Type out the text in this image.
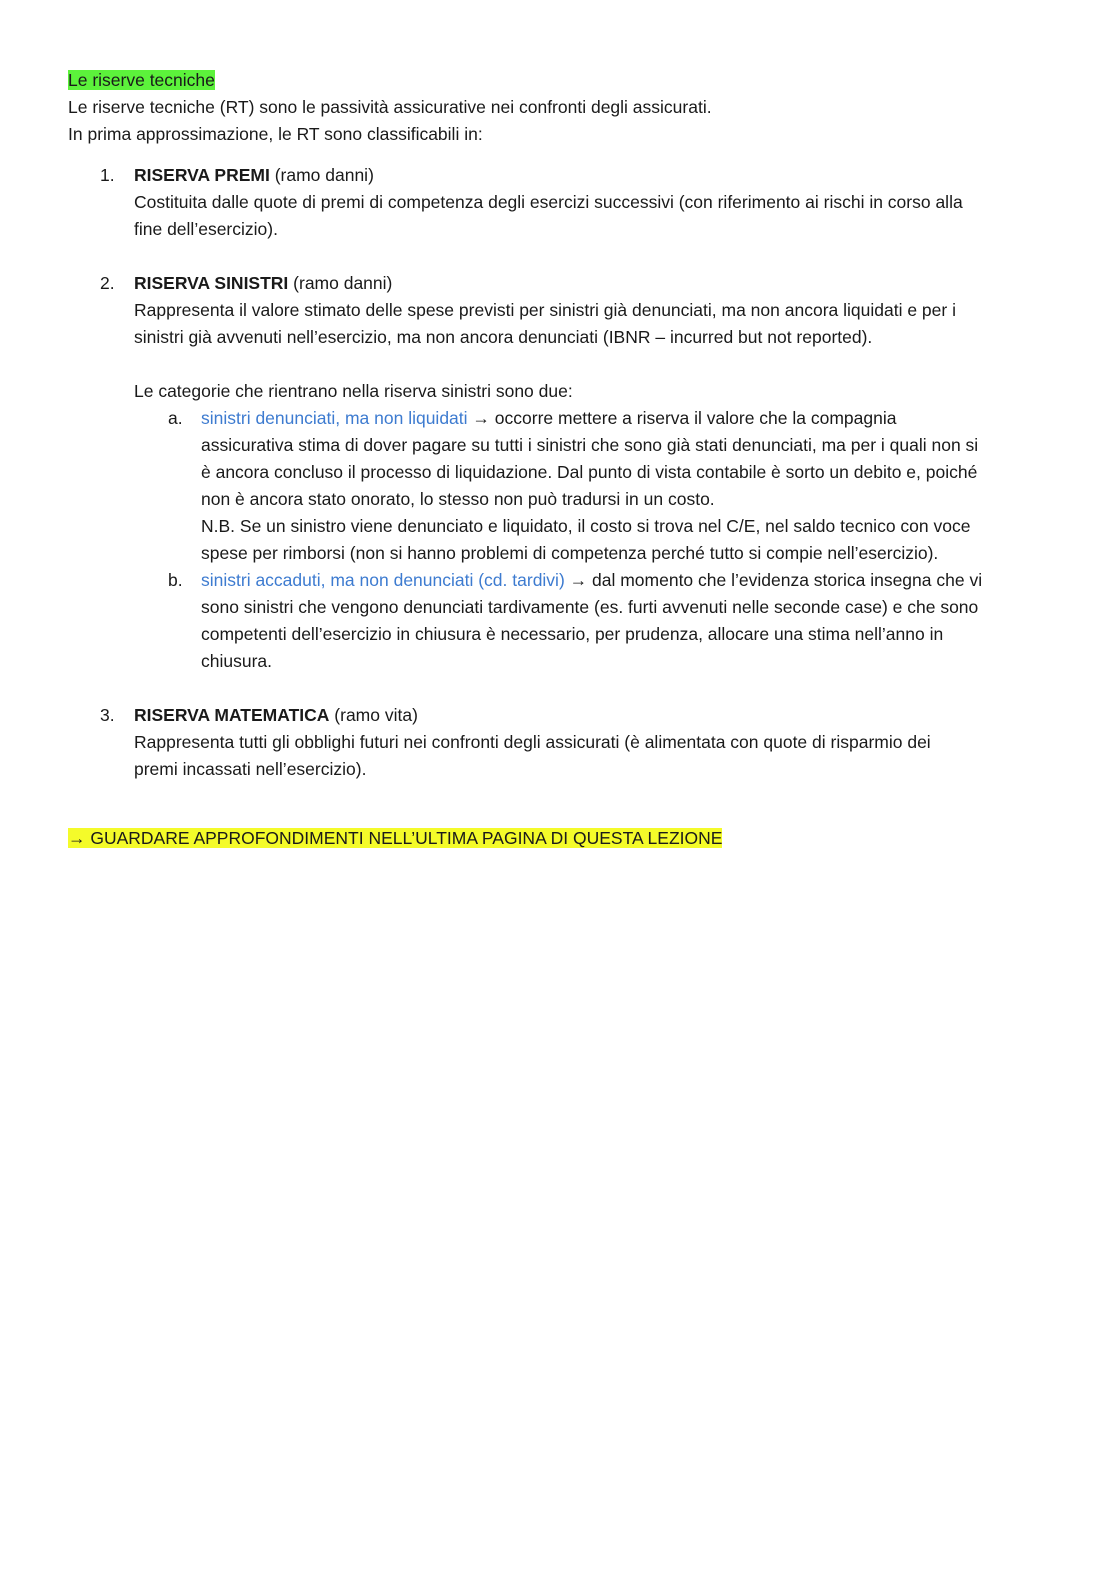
Le riserve tecniche
Le riserve tecniche (RT) sono le passività assicurative nei confronti degli assicurati.
In prima approssimazione, le RT sono classificabili in:
1.	RISERVA PREMI (ramo danni)
Costituita dalle quote di premi di competenza degli esercizi successivi (con riferimento ai rischi in corso alla
fine dell’esercizio).
2.	RISERVA SINISTRI (ramo danni)
Rappresenta il valore stimato delle spese previsti per sinistri già denunciati, ma non ancora liquidati e per i
sinistri già avvenuti nell’esercizio, ma non ancora denunciati (IBNR – incurred but not reported).
Le categorie che rientrano nella riserva sinistri sono due:
a.	sinistri denunciati, ma non liquidati → occorre mettere a riserva il valore che la compagnia
assicurativa stima di dover pagare su tutti i sinistri che sono già stati denunciati, ma per i quali non si
è ancora concluso il processo di liquidazione. Dal punto di vista contabile è sorto un debito e, poiché
non è ancora stato onorato, lo stesso non può tradursi in un costo.
N.B. Se un sinistro viene denunciato e liquidato, il costo si trova nel C/E, nel saldo tecnico con voce
spese per rimborsi (non si hanno problemi di competenza perché tutto si compie nell’esercizio).
b.	sinistri accaduti, ma non denunciati (cd. tardivi) → dal momento che l’evidenza storica insegna che vi
sono sinistri che vengono denunciati tardivamente (es. furti avvenuti nelle seconde case) e che sono
competenti dell’esercizio in chiusura è necessario, per prudenza, allocare una stima nell’anno in
chiusura.
3.	RISERVA MATEMATICA (ramo vita)
Rappresenta tutti gli obblighi futuri nei confronti degli assicurati (è alimentata con quote di risparmio dei
premi incassati nell’esercizio).
→ GUARDARE APPROFONDIMENTI NELL’ULTIMA PAGINA DI QUESTA LEZIONE
